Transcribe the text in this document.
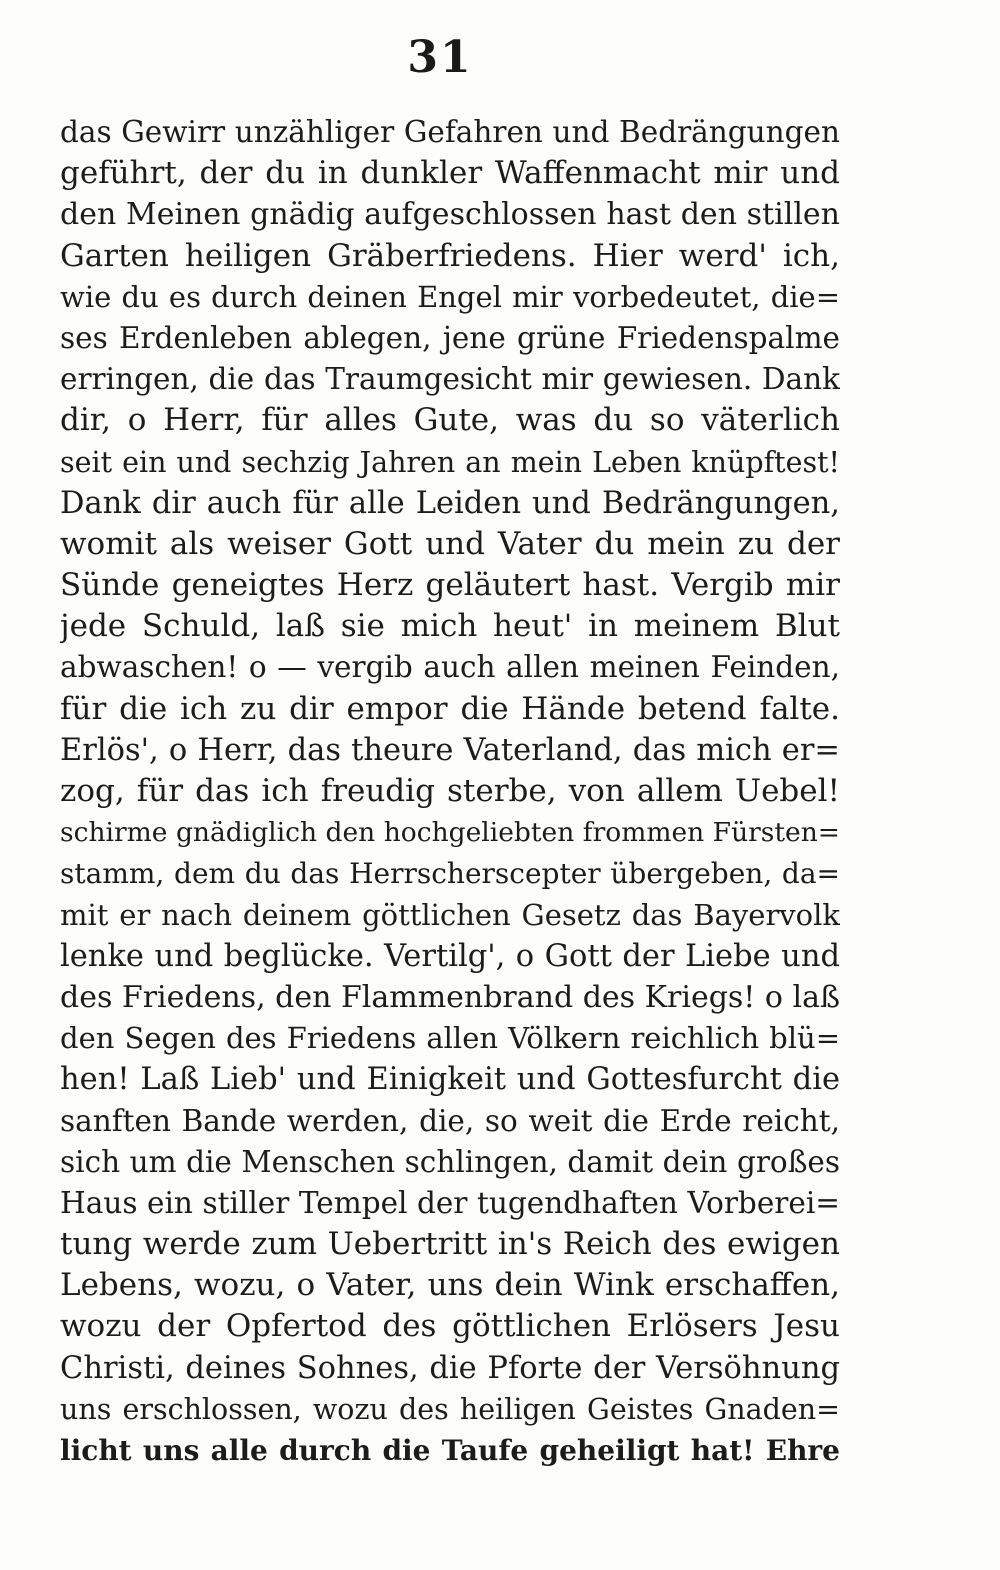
31
das Gewirr unzähliger Gefahren und Bedrängungen
geführt, der du in dunkler Waffenmacht mir und
den Meinen gnädig aufgeschlossen hast den stillen
Garten heiligen Gräberfriedens. Hier werd' ich,
wie du es durch deinen Engel mir vorbedeutet, die=
ses Erdenleben ablegen, jene grüne Friedenspalme
erringen, die das Traumgesicht mir gewiesen. Dank
dir, o Herr, für alles Gute, was du so väterlich
seit ein und sechzig Jahren an mein Leben knüpftest!
Dank dir auch für alle Leiden und Bedrängungen,
womit als weiser Gott und Vater du mein zu der
Sünde geneigtes Herz geläutert hast. Vergib mir
jede Schuld, laß sie mich heut' in meinem Blut
abwaschen! o — vergib auch allen meinen Feinden,
für die ich zu dir empor die Hände betend falte.
Erlös', o Herr, das theure Vaterland, das mich er=
zog, für das ich freudig sterbe, von allem Uebel!
schirme gnädiglich den hochgeliebten frommen Fürsten=
stamm, dem du das Herrscherscepter übergeben, da=
mit er nach deinem göttlichen Gesetz das Bayervolk
lenke und beglücke. Vertilg', o Gott der Liebe und
des Friedens, den Flammenbrand des Kriegs! o laß
den Segen des Friedens allen Völkern reichlich blü=
hen! Laß Lieb' und Einigkeit und Gottesfurcht die
sanften Bande werden, die, so weit die Erde reicht,
sich um die Menschen schlingen, damit dein großes
Haus ein stiller Tempel der tugendhaften Vorberei=
tung werde zum Uebertritt in's Reich des ewigen
Lebens, wozu, o Vater, uns dein Wink erschaffen,
wozu der Opfertod des göttlichen Erlösers Jesu
Christi, deines Sohnes, die Pforte der Versöhnung
uns erschlossen, wozu des heiligen Geistes Gnaden=
licht uns alle durch die Taufe geheiligt hat! Ehre
